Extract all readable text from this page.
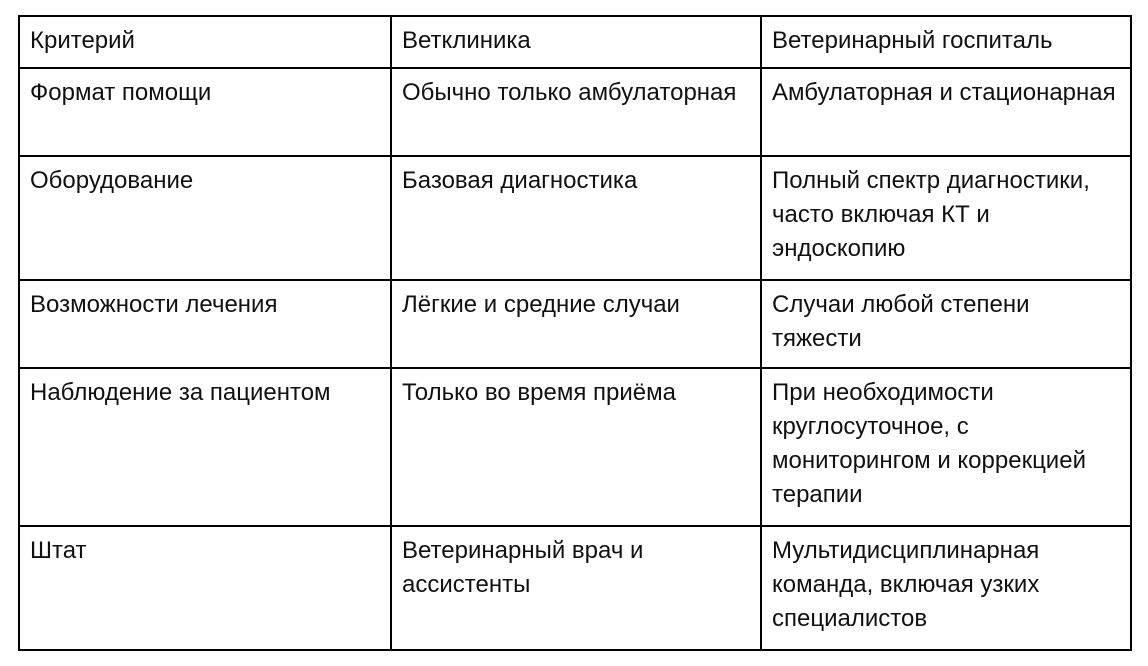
Критерий	Ветклиника	Ветеринарный госпиталь
Формат помощи	Обычно только амбулаторная	Амбулаторная и стационарная
Оборудование	Базовая диагностика	Полный спектр диагностики, часто включая КТ и эндоскопию
Возможности лечения	Лёгкие и средние случаи	Случаи любой степени тяжести
Наблюдение за пациентом	Только во время приёма	При необходимости круглосуточное, с мониторингом и коррекцией терапии
Штат	Ветеринарный врач и ассистенты	Мультидисциплинарная команда, включая узких специалистов
